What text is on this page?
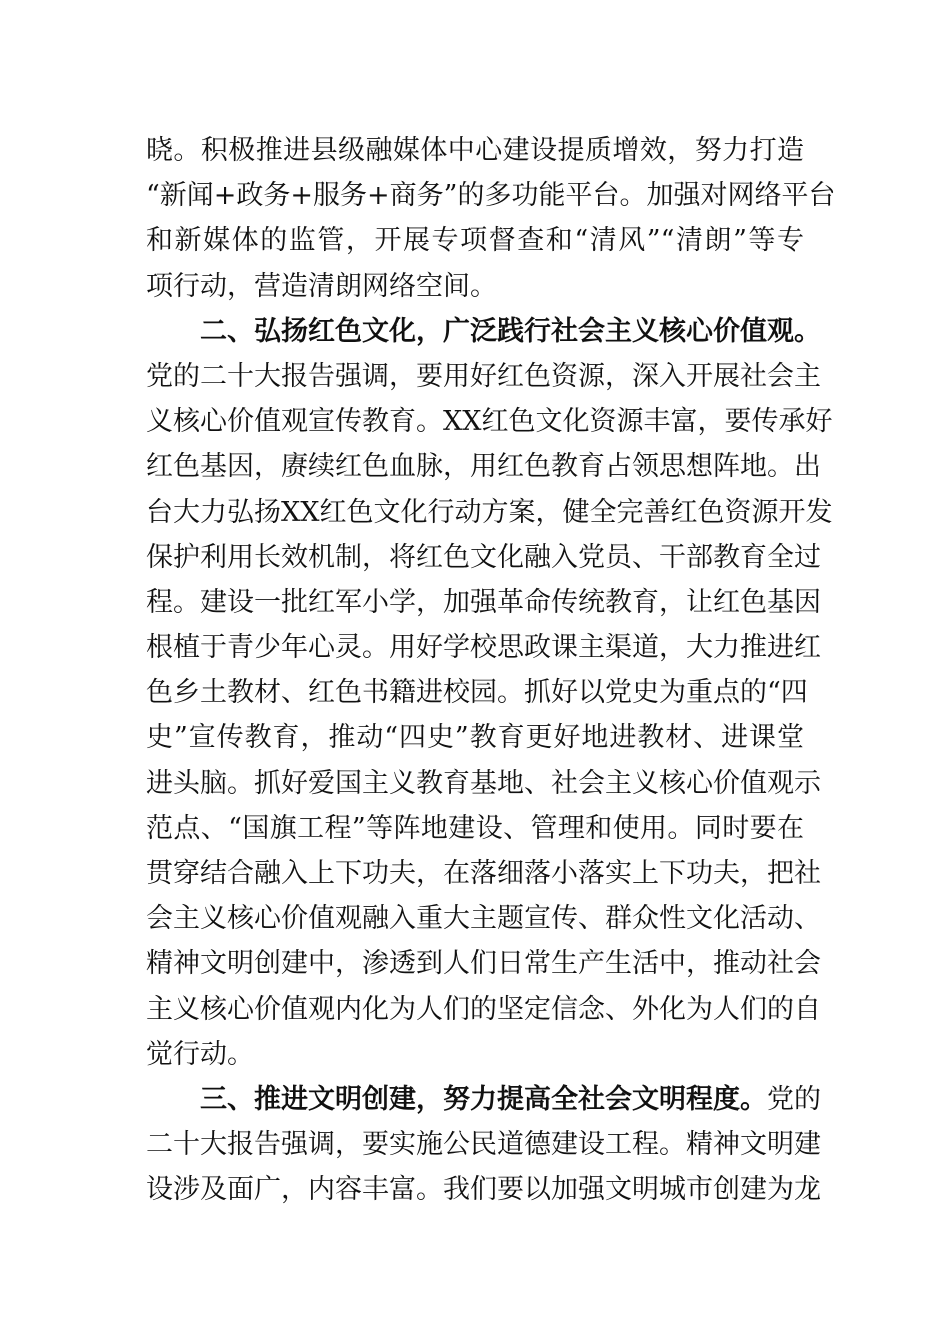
晓。积极推进县级融媒体中心建设提质增效，努力打造
“新闻+政务+服务+商务”的多功能平台。加强对网络平台
和新媒体的监管，开展专项督查和“清风”“清朗”等专
项行动，营造清朗网络空间。
二、弘扬红色文化，广泛践行社会主义核心价值观。
党的二十大报告强调，要用好红色资源，深入开展社会主
义核心价值观宣传教育。XX红色文化资源丰富，要传承好
红色基因，赓续红色血脉，用红色教育占领思想阵地。出
台大力弘扬XX红色文化行动方案，健全完善红色资源开发
保护利用长效机制，将红色文化融入党员、干部教育全过
程。建设一批红军小学，加强革命传统教育，让红色基因
根植于青少年心灵。用好学校思政课主渠道，大力推进红
色乡土教材、红色书籍进校园。抓好以党史为重点的“四
史”宣传教育，推动“四史”教育更好地进教材、进课堂
进头脑。抓好爱国主义教育基地、社会主义核心价值观示
范点、“国旗工程”等阵地建设、管理和使用。同时要在
贯穿结合融入上下功夫，在落细落小落实上下功夫，把社
会主义核心价值观融入重大主题宣传、群众性文化活动、
精神文明创建中，渗透到人们日常生产生活中，推动社会
主义核心价值观内化为人们的坚定信念、外化为人们的自
觉行动。
三、推进文明创建，努力提高全社会文明程度。党的
二十大报告强调，要实施公民道德建设工程。精神文明建
设涉及面广，内容丰富。我们要以加强文明城市创建为龙
